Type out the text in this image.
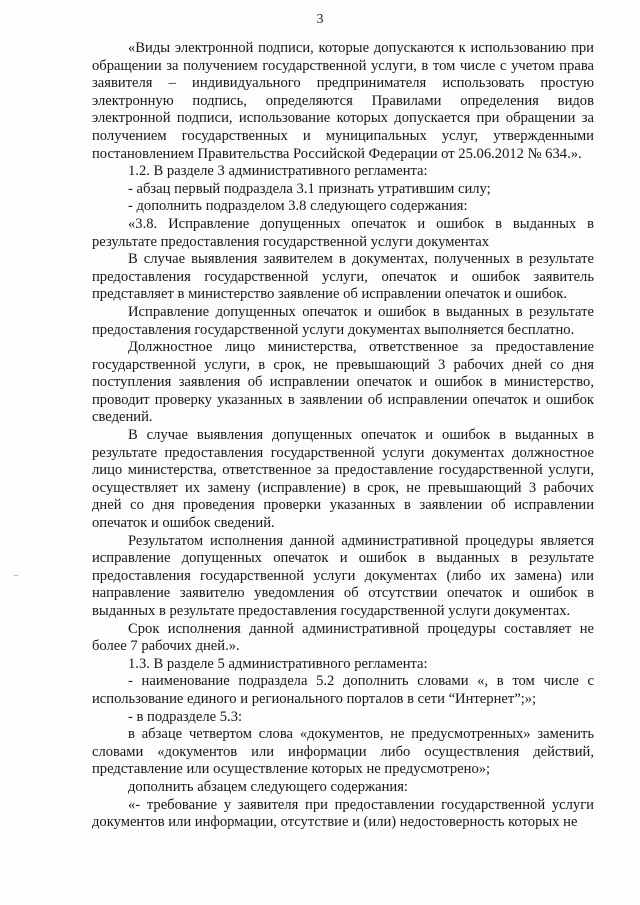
3

«Виды электронной подписи, которые допускаются к использованию при обращении за получением государственной услуги, в том числе с учетом права заявителя – индивидуального предпринимателя использовать простую электронную подпись, определяются Правилами определения видов электронной подписи, использование которых допускается при обращении за получением государственных и муниципальных услуг, утвержденными постановлением Правительства Российской Федерации от 25.06.2012 № 634.».

1.2. В разделе 3 административного регламента:

- абзац первый подраздела 3.1 признать утратившим силу;

- дополнить подразделом 3.8 следующего содержания:

«3.8. Исправление допущенных опечаток и ошибок в выданных в результате предоставления государственной услуги документах

В случае выявления заявителем в документах, полученных в результате предоставления государственной услуги, опечаток и ошибок заявитель представляет в министерство заявление об исправлении опечаток и ошибок.

Исправление допущенных опечаток и ошибок в выданных в результате предоставления государственной услуги документах выполняется бесплатно.

Должностное лицо министерства, ответственное за предоставление государственной услуги, в срок, не превышающий 3 рабочих дней со дня поступления заявления об исправлении опечаток и ошибок в министерство, проводит проверку указанных в заявлении об исправлении опечаток и ошибок сведений.

В случае выявления допущенных опечаток и ошибок в выданных в результате предоставления государственной услуги документах должностное лицо министерства, ответственное за предоставление государственной услуги, осуществляет их замену (исправление) в срок, не превышающий 3 рабочих дней со дня проведения проверки указанных в заявлении об исправлении опечаток и ошибок сведений.

Результатом исполнения данной административной процедуры является исправление допущенных опечаток и ошибок в выданных в результате предоставления государственной услуги документах (либо их замена) или направление заявителю уведомления об отсутствии опечаток и ошибок в выданных в результате предоставления государственной услуги документах.

Срок исполнения данной административной процедуры составляет не более 7 рабочих дней.».

1.3. В разделе 5 административного регламента:

- наименование подраздела 5.2 дополнить словами «, в том числе с использование единого и регионального порталов в сети “Интернет”;»;

- в подразделе 5.3:

в абзаце четвертом слова «документов, не предусмотренных» заменить словами «документов или информации либо осуществления действий, представление или осуществление которых не предусмотрено»;

дополнить абзацем следующего содержания:

«- требование у заявителя при предоставлении государственной услуги документов или информации, отсутствие и (или) недостоверность которых не
